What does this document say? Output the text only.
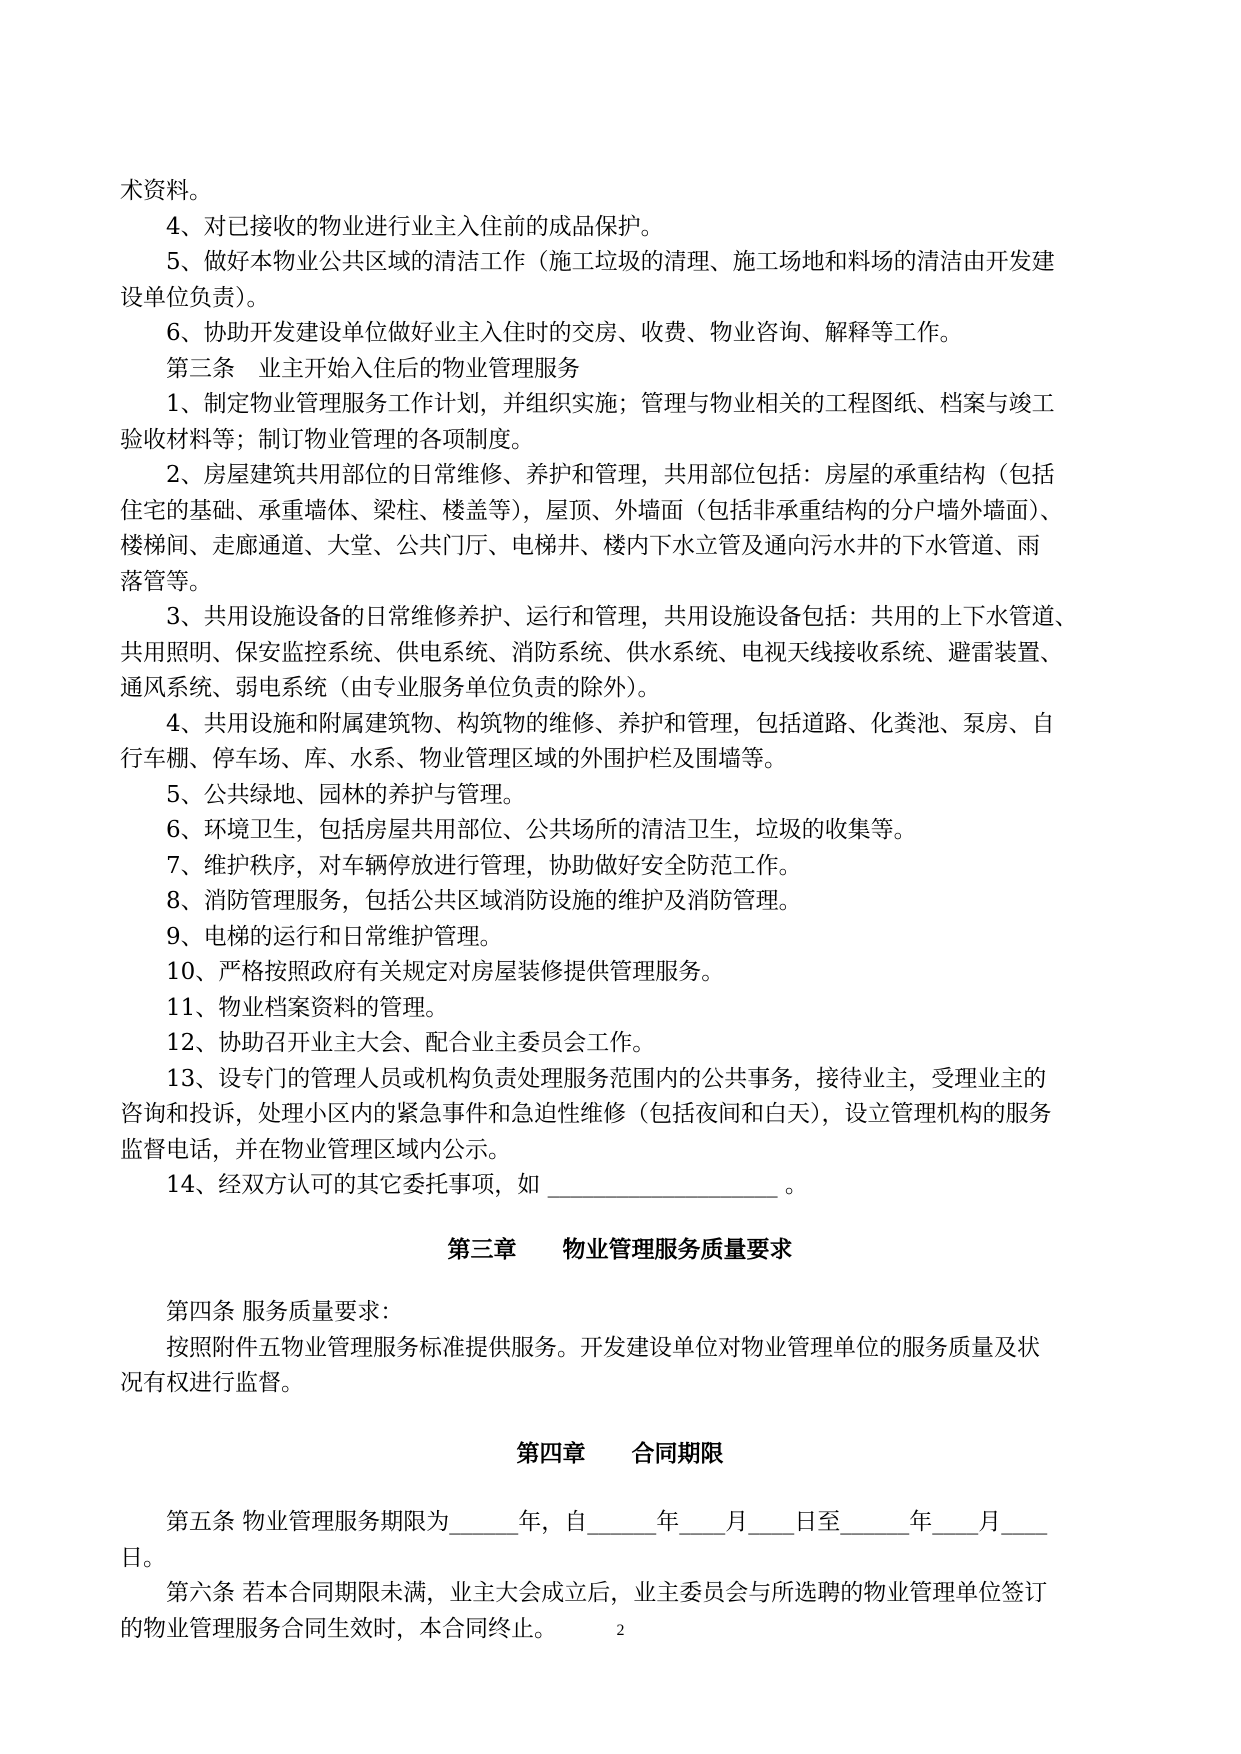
术资料。
4、对已接收的物业进行业主入住前的成品保护。
5、做好本物业公共区域的清洁工作（施工垃圾的清理、施工场地和料场的清洁由开发建
设单位负责）。
6、协助开发建设单位做好业主入住时的交房、收费、物业咨询、解释等工作。
第三条　业主开始入住后的物业管理服务
1、制定物业管理服务工作计划，并组织实施；管理与物业相关的工程图纸、档案与竣工
验收材料等；制订物业管理的各项制度。
2、房屋建筑共用部位的日常维修、养护和管理，共用部位包括：房屋的承重结构（包括
住宅的基础、承重墙体、梁柱、楼盖等），屋顶、外墙面（包括非承重结构的分户墙外墙面）、
楼梯间、走廊通道、大堂、公共门厅、电梯井、楼内下水立管及通向污水井的下水管道、雨
落管等。
3、共用设施设备的日常维修养护、运行和管理，共用设施设备包括：共用的上下水管道、
共用照明、保安监控系统、供电系统、消防系统、供水系统、电视天线接收系统、避雷装置、
通风系统、弱电系统（由专业服务单位负责的除外）。
4、共用设施和附属建筑物、构筑物的维修、养护和管理，包括道路、化粪池、泵房、自
行车棚、停车场、库、水系、物业管理区域的外围护栏及围墙等。
5、公共绿地、园林的养护与管理。
6、环境卫生，包括房屋共用部位、公共场所的清洁卫生，垃圾的收集等。
7、维护秩序，对车辆停放进行管理，协助做好安全防范工作。
8、消防管理服务，包括公共区域消防设施的维护及消防管理。
9、电梯的运行和日常维护管理。
10、严格按照政府有关规定对房屋装修提供管理服务。
11、物业档案资料的管理。
12、协助召开业主大会、配合业主委员会工作。
13、设专门的管理人员或机构负责处理服务范围内的公共事务，接待业主，受理业主的
咨询和投诉，处理小区内的紧急事件和急迫性维修（包括夜间和白天），设立管理机构的服务
监督电话，并在物业管理区域内公示。
14、经双方认可的其它委托事项，如 ____________________ 。
第三章　　物业管理服务质量要求
第四条 服务质量要求：
按照附件五物业管理服务标准提供服务。开发建设单位对物业管理单位的服务质量及状
况有权进行监督。
第四章　　合同期限
第五条 物业管理服务期限为______年，自______年____月____日至______年____月____
日。
第六条 若本合同期限未满，业主大会成立后，业主委员会与所选聘的物业管理单位签订
的物业管理服务合同生效时，本合同终止。	2
